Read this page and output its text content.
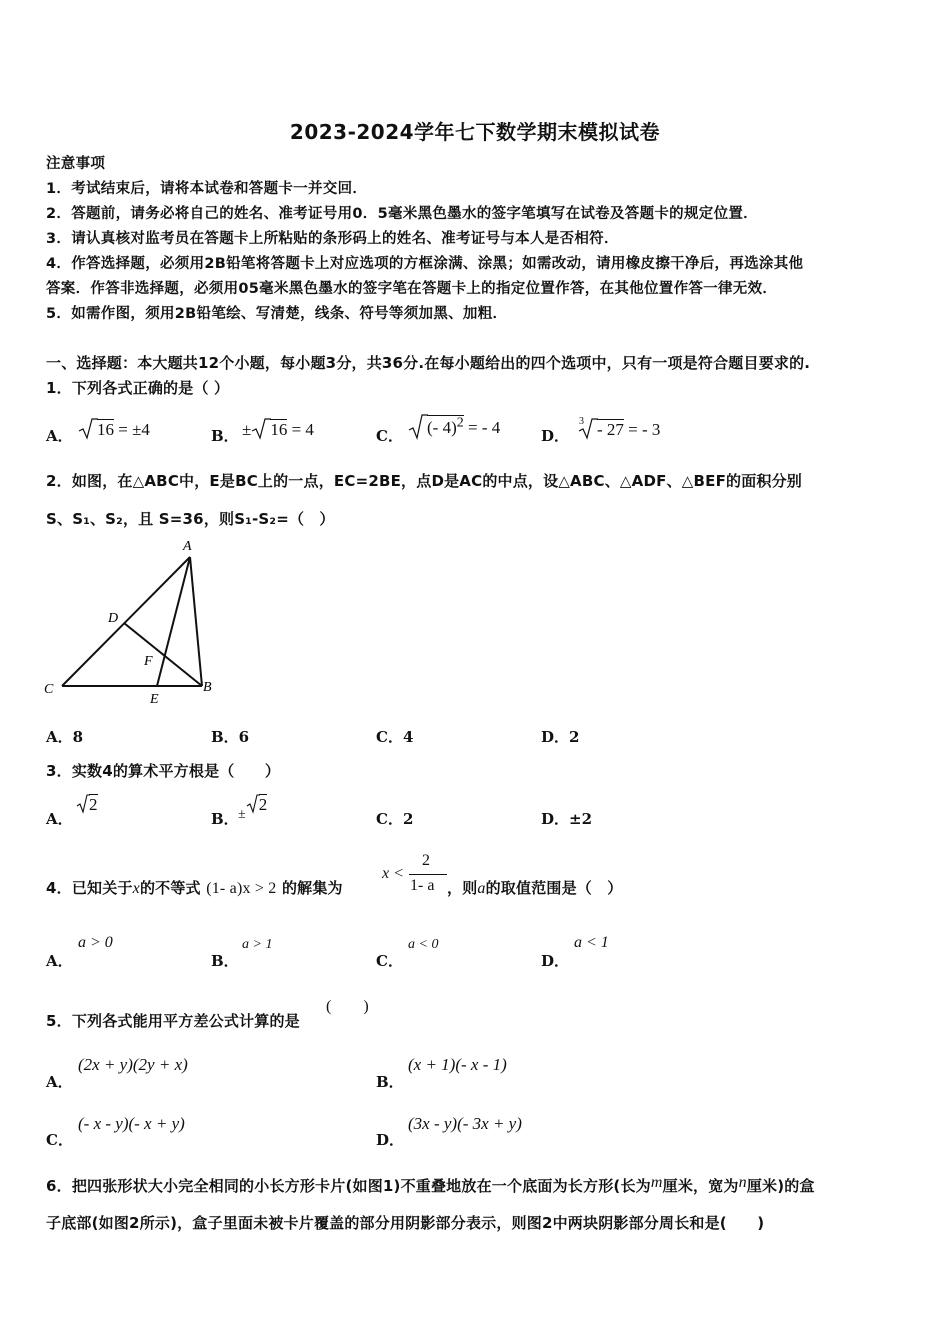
2023-2024学年七下数学期末模拟试卷
注意事项
1．考试结束后，请将本试卷和答题卡一并交回．
2．答题前，请务必将自己的姓名、准考证号用0．5毫米黑色墨水的签字笔填写在试卷及答题卡的规定位置．
3．请认真核对监考员在答题卡上所粘贴的条形码上的姓名、准考证号与本人是否相符．
4．作答选择题，必须用2B铅笔将答题卡上对应选项的方框涂满、涂黑；如需改动，请用橡皮擦干净后，再选涂其他
答案．作答非选择题，必须用05毫米黑色墨水的签字笔在答题卡上的指定位置作答，在其他位置作答一律无效．
5．如需作图，须用2B铅笔绘、写清楚，线条、符号等须加黑、加粗．
一、选择题：本大题共12个小题，每小题3分，共36分.在每小题给出的四个选项中，只有一项是符合题目要求的.
1．下列各式正确的是（ ）
A．	16 = ±4	B． ± 16 = 4	C．	(- 4)$^2$ = - 4	D．
$^3$ - 27 = - 3
2．如图，在△ABC中，E是BC上的一点，EC=2BE，点D是AC的中点，设△ABC、△ADF、△BEF的面积分别
S、S₁、S₂，且 S=36，则S₁-S₂=（　）
A
B
C
D
E
F
A．8	B．6	C．4	D．2
3．实数4的算术平方根是（　　）
A．
2
B． $_\pm$2
C．2	D．±2
4．已知关于x的不等式 (1- a)x > 2 的解集为
x <
2
1- a ，则a的取值范围是（　）
A．
a > 0
B．
a > 1
C．
a < 0
D．
a < 1
5．下列各式能用平方差公式计算的是
(　　)
A．
(2x + y)(2y + x)
B．
(x + 1)(- x - 1)
C．
(- x - y)(- x + y)
D．
(3x - y)(- 3x + y)
6．把四张形状大小完全相同的小长方形卡片(如图1)不重叠地放在一个底面为长方形(长为m厘米，宽为n厘米)的盒
子底部(如图2所示)，盒子里面未被卡片覆盖的部分用阴影部分表示，则图2中两块阴影部分周长和是(　　)
